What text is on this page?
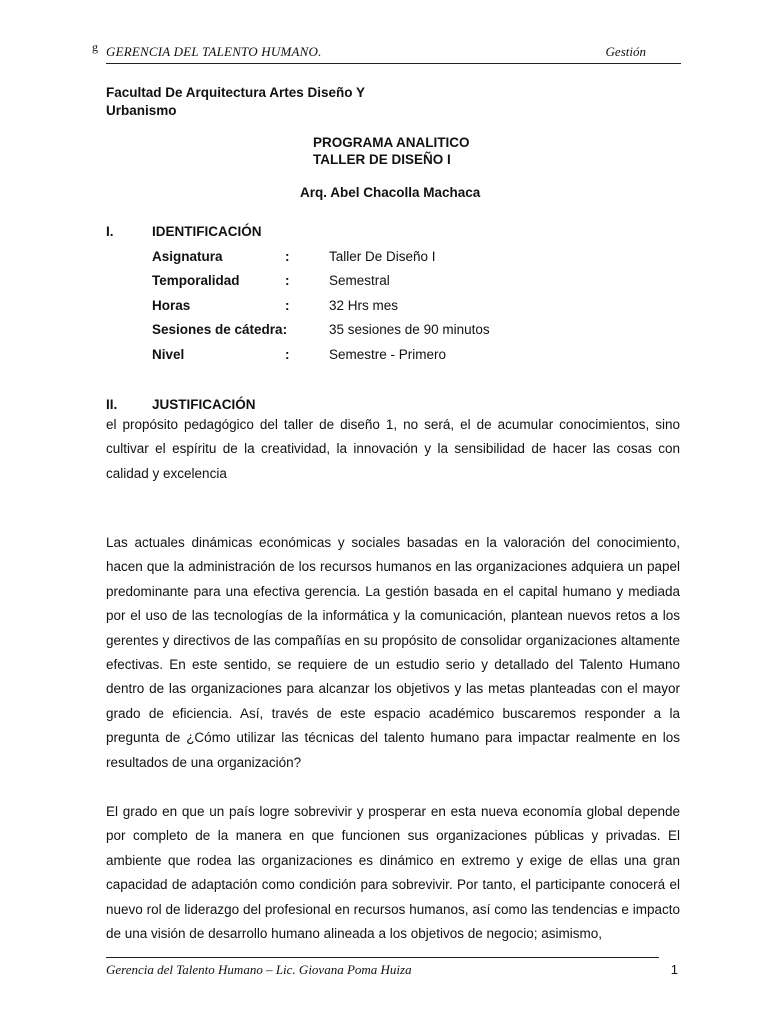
g GERENCIA DEL TALENTO HUMANO.	Gestión
Facultad De Arquitectura Artes Diseño Y
Urbanismo
PROGRAMA ANALITICO
TALLER DE DISEÑO I
Arq. Abel Chacolla Machaca
I.	IDENTIFICACIÓN
Asignatura	:	Taller De Diseño I
Temporalidad	:	Semestral
Horas	:	32 Hrs mes
Sesiones de cátedra:	35 sesiones de 90 minutos
Nivel	:	Semestre - Primero
II.	JUSTIFICACIÓN

el propósito pedagógico del taller de diseño 1, no será, el de acumular conocimientos, sino cultivar el espíritu de la creatividad, la innovación y la sensibilidad de hacer las cosas con calidad y excelencia

Las actuales dinámicas económicas y sociales basadas en la valoración del conocimiento, hacen que la administración de los recursos humanos en las organizaciones adquiera un papel predominante para una efectiva gerencia. La gestión basada en el capital humano y mediada por el uso de las tecnologías de la informática y la comunicación, plantean nuevos retos a los gerentes y directivos de las compañías en su propósito de consolidar organizaciones altamente efectivas. En este sentido, se requiere de un estudio serio y detallado del Talento Humano dentro de las organizaciones para alcanzar los objetivos y las metas planteadas con el mayor grado de eficiencia. Así, través de este espacio académico buscaremos responder a la pregunta de ¿Cómo utilizar las técnicas del talento humano para impactar realmente en los resultados de una organización?

El grado en que un país logre sobrevivir y prosperar en esta nueva economía global depende por completo de la manera en que funcionen sus organizaciones públicas y privadas. El ambiente que rodea las organizaciones es dinámico en extremo y exige de ellas una gran capacidad de adaptación como condición para sobrevivir. Por tanto, el participante conocerá el nuevo rol de liderazgo del profesional en recursos humanos, así como las tendencias e impacto de una visión de desarrollo humano alineada a los objetivos de negocio; asimismo,

Gerencia del Talento Humano – Lic. Giovana Poma Huiza	1
